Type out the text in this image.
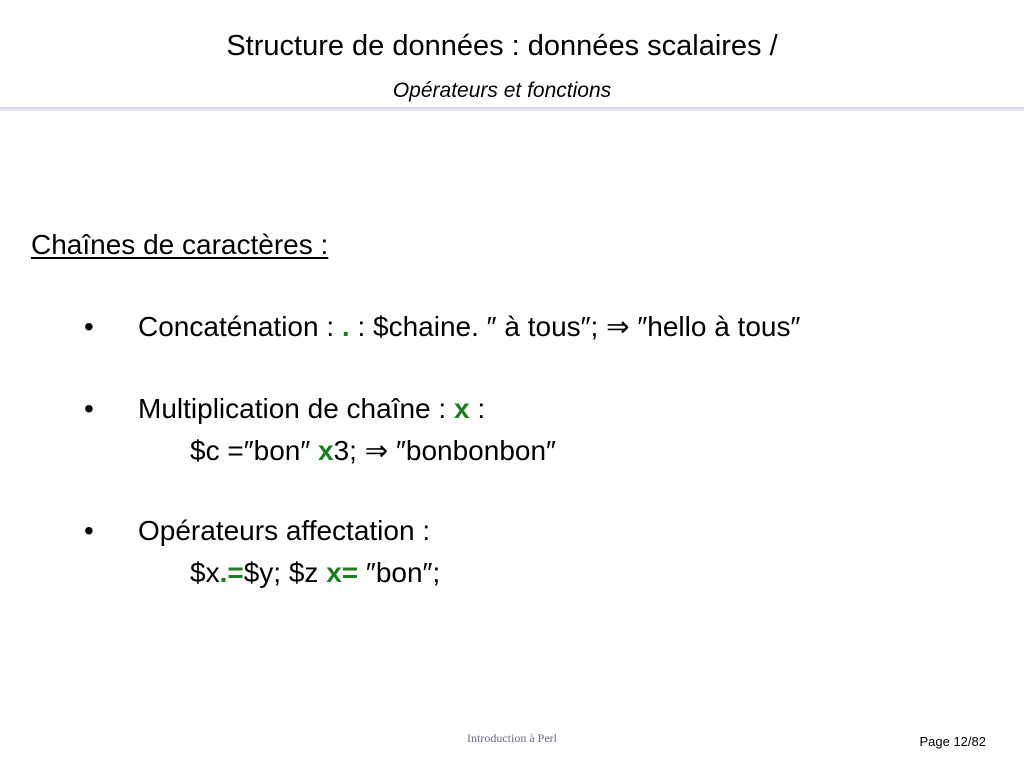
Structure de données : données scalaires /
Opérateurs et fonctions
Chaînes de caractères :
• Concaténation : . : $chaine. ″ à tous″; ⇒ ″hello à tous″
• Multiplication de chaîne : x :
$c =″bon″ x3; ⇒ ″bonbonbon″
• Opérateurs affectation :
$x.=$y; $z x= ″bon″;
Introduction à Perl	Page 12/82
